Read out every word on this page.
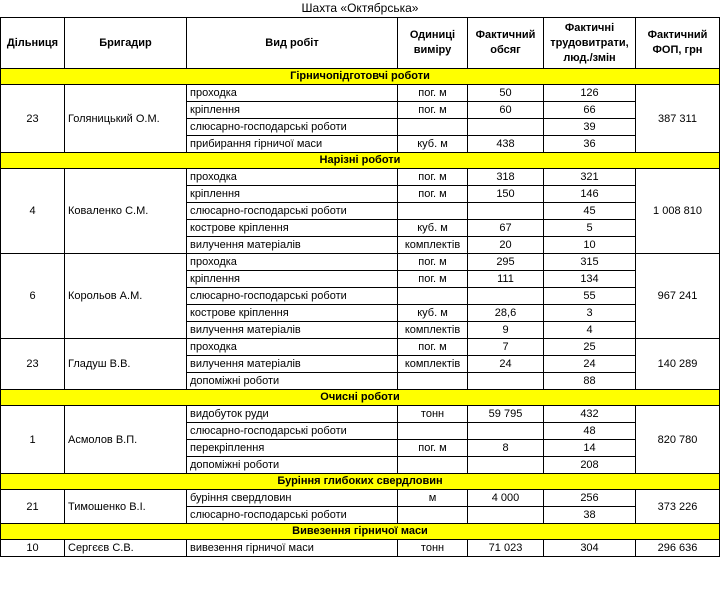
Шахта «Октябрська»
Дільниця	Бригадир	Вид робіт	Одиниці виміру	Фактичний обсяг	Фактичні трудовитрати, люд./змін	Фактичний ФОП, грн
Гірничопідготовчі роботи						
23	Голяницький О.М.	проходка	пог. м	50	126	387 311
		кріплення	пог. м	60	66	
		слюсарно-господарські роботи			39	
		прибирання гірничої маси	куб. м	438	36	
Нарізні роботи						
4	Коваленко С.М.	проходка	пог. м	318	321	1 008 810
		кріплення	пог. м	150	146	
		слюсарно-господарські роботи			45	
		кострове кріплення	куб. м	67	5	
		вилучення матеріалів	комплектів	20	10	
6	Корольов А.М.	проходка	пог. м	295	315	967 241
		кріплення	пог. м	111	134	
		слюсарно-господарські роботи			55	
		кострове кріплення	куб. м	28,6	3	
		вилучення матеріалів	комплектів	9	4	
23	Гладуш В.В.	проходка	пог. м	7	25	140 289
		вилучення матеріалів	комплектів	24	24	
		допоміжні роботи			88	
Очисні роботи						
1	Асмолов В.П.	видобуток руди	тонн	59 795	432	820 780
		слюсарно-господарські роботи			48	
		перекріплення	пог. м	8	14	
		допоміжні роботи			208	
Буріння глибоких свердловин						
21	Тимошенко В.І.	буріння свердловин	м	4 000	256	373 226
		слюсарно-господарські роботи			38	
Вивезення гірничої маси						
10	Сергєєв С.В.	вивезення гірничої маси	тонн	71 023	304	296 636
